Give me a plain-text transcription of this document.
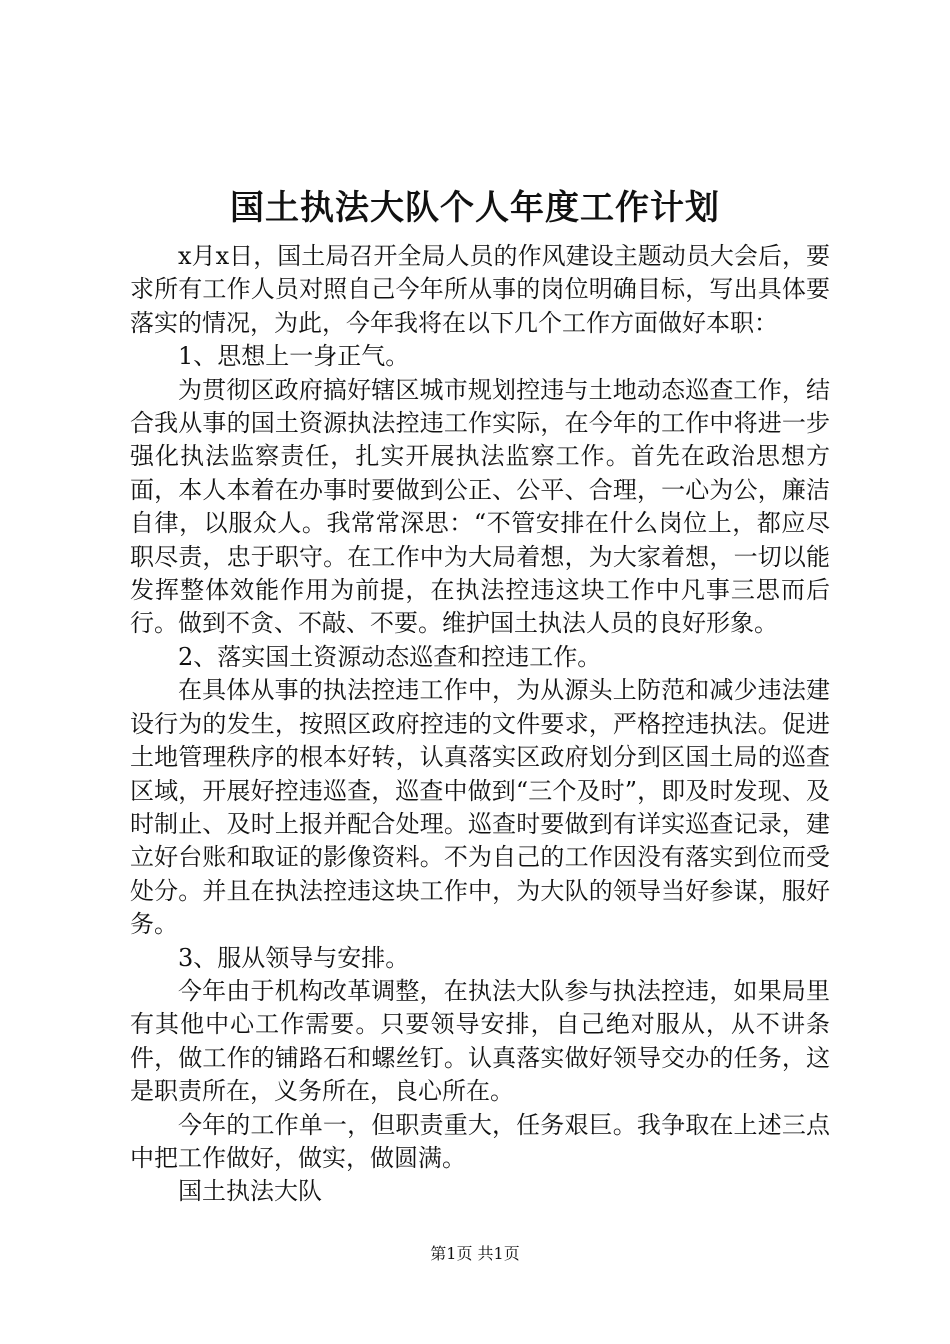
国土执法大队个人年度工作计划

x月x日，国土局召开全局人员的作风建设主题动员大会后，要求所有工作人员对照自己今年所从事的岗位明确目标，写出具体要落实的情况，为此，今年我将在以下几个工作方面做好本职：

1、思想上一身正气。

为贯彻区政府搞好辖区城市规划控违与土地动态巡查工作，结合我从事的国土资源执法控违工作实际，在今年的工作中将进一步强化执法监察责任，扎实开展执法监察工作。首先在政治思想方面，本人本着在办事时要做到公正、公平、合理，一心为公，廉洁自律，以服众人。我常常深思：“不管安排在什么岗位上，都应尽职尽责，忠于职守。在工作中为大局着想，为大家着想，一切以能发挥整体效能作用为前提，在执法控违这块工作中凡事三思而后行。做到不贪、不敲、不要。维护国土执法人员的良好形象。

2、落实国土资源动态巡查和控违工作。

在具体从事的执法控违工作中，为从源头上防范和减少违法建设行为的发生，按照区政府控违的文件要求，严格控违执法。促进土地管理秩序的根本好转，认真落实区政府划分到区国土局的巡查区域，开展好控违巡查，巡查中做到“三个及时”，即及时发现、及时制止、及时上报并配合处理。巡查时要做到有详实巡查记录，建立好台账和取证的影像资料。不为自己的工作因没有落实到位而受处分。并且在执法控违这块工作中，为大队的领导当好参谋，服好务。

3、服从领导与安排。

今年由于机构改革调整，在执法大队参与执法控违，如果局里有其他中心工作需要。只要领导安排，自己绝对服从，从不讲条件，做工作的铺路石和螺丝钉。认真落实做好领导交办的任务，这是职责所在，义务所在，良心所在。

今年的工作单一，但职责重大，任务艰巨。我争取在上述三点中把工作做好，做实，做圆满。

国土执法大队

第1页 共1页
